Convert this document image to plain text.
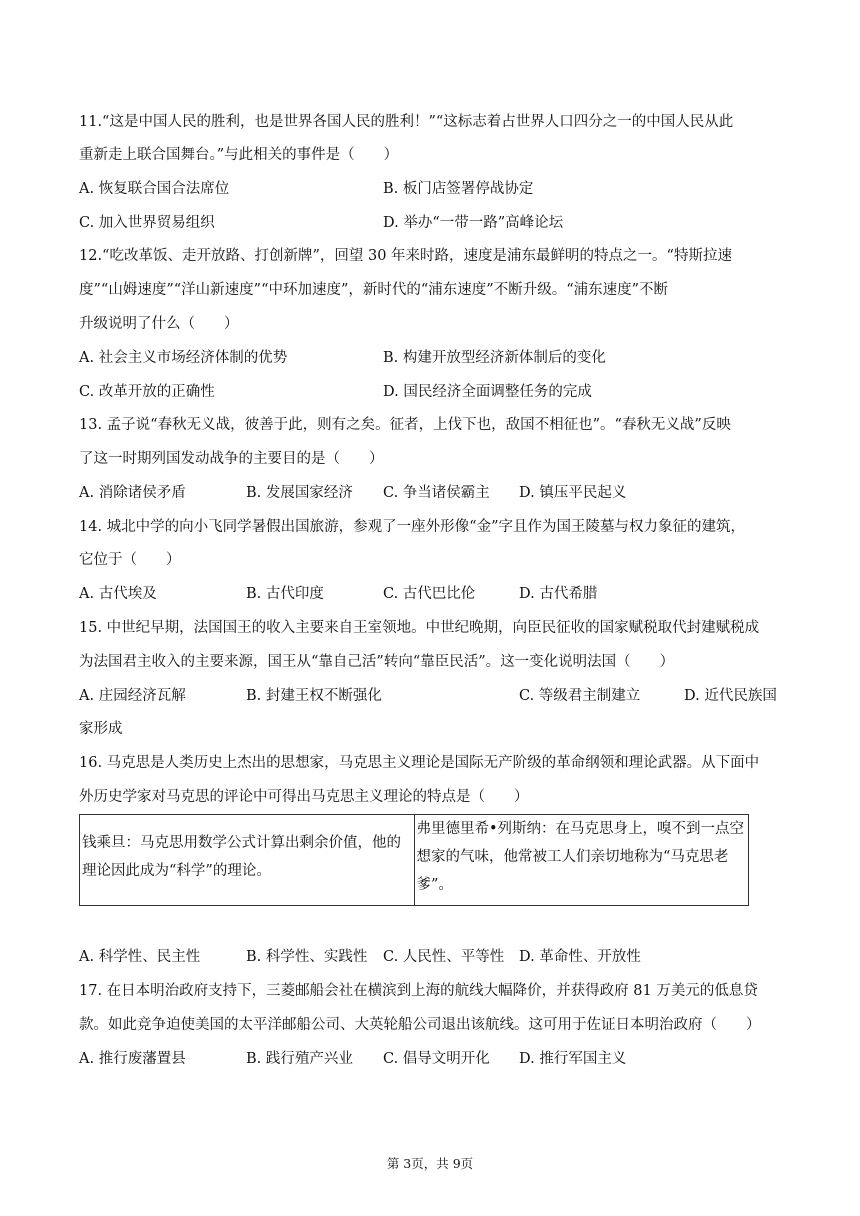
11.“这是中国人民的胜利，也是世界各国人民的胜利！”“这标志着占世界人口四分之一的中国人民从此
重新走上联合国舞台。”与此相关的事件是（　　）
A. 恢复联合国合法席位	B. 板门店签署停战协定
C. 加入世界贸易组织	D. 举办“一带一路”高峰论坛
12.“吃改革饭、走开放路、打创新牌”，回望 30 年来时路，速度是浦东最鲜明的特点之一。“特斯拉速
度”“山姆速度”“洋山新速度”“中环加速度”，新时代的“浦东速度”不断升级。“浦东速度”不断
升级说明了什么（　　）
A. 社会主义市场经济体制的优势	B. 构建开放型经济新体制后的变化
C. 改革开放的正确性	D. 国民经济全面调整任务的完成
13. 孟子说“春秋无义战，彼善于此，则有之矣。征者，上伐下也，敌国不相征也”。“春秋无义战”反映
了这一时期列国发动战争的主要目的是（　　）
A. 消除诸侯矛盾	B. 发展国家经济 C. 争当诸侯霸主 D. 镇压平民起义
14. 城北中学的向小飞同学暑假出国旅游，参观了一座外形像“金”字且作为国王陵墓与权力象征的建筑，
它位于（　　）
A. 古代埃及	B. 古代印度	C. 古代巴比伦	D. 古代希腊
15. 中世纪早期，法国国王的收入主要来自王室领地。中世纪晚期，向臣民征收的国家赋税取代封建赋税成
为法国君主收入的主要来源，国王从“靠自己活”转向“靠臣民活”。这一变化说明法国（　　）
A. 庄园经济瓦解	B. 封建王权不断强化	C. 等级君主制建立	D. 近代民族国
家形成
16. 马克思是人类历史上杰出的思想家，马克思主义理论是国际无产阶级的革命纲领和理论武器。从下面中
外历史学家对马克思的评论中可得出马克思主义理论的特点是（　　）
钱乘旦：马克思用数学公式计算出剩余价值，他的
理论因此成为“科学”的理论。
弗里德里希•列斯纳：在马克思身上，嗅不到一点空
想家的气味，他常被工人们亲切地称为“马克思老
爹”。
A. 科学性、民主性	B. 科学性、实践性 C. 人民性、平等性 D. 革命性、开放性
17. 在日本明治政府支持下，三菱邮船会社在横滨到上海的航线大幅降价，并获得政府 81 万美元的低息贷
款。如此竞争迫使美国的太平洋邮船公司、大英轮船公司退出该航线。这可用于佐证日本明治政府（　　）
A. 推行废藩置县	B. 践行殖产兴业 C. 倡导文明开化 D. 推行军国主义
第 3页，共 9页
